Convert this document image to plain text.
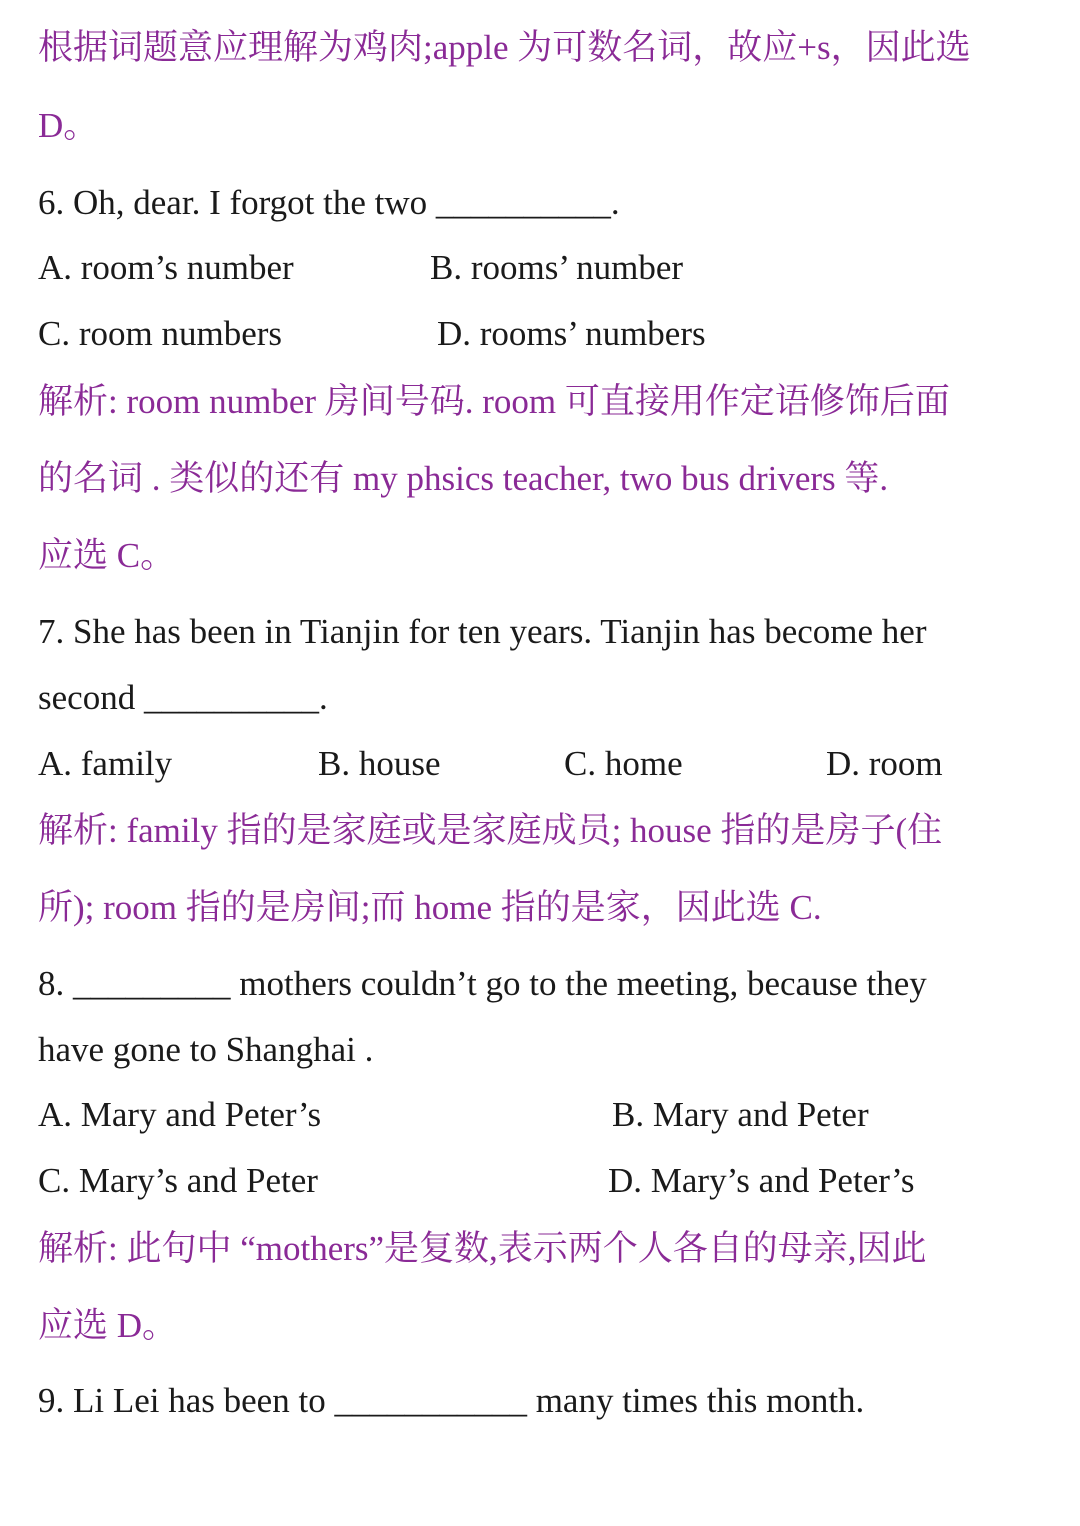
根据词题意应理解为鸡肉;apple 为可数名词，故应+s，因此选
D。
6. Oh, dear. I forgot the two __________.
A. room’s number	B. rooms’ number
C. room numbers	D. rooms’ numbers
解析: room number 房间号码. room 可直接用作定语修饰后面
的名词 . 类似的还有 my phsics teacher, two bus drivers 等.
应选 C。
7. She has been in Tianjin for ten years. Tianjin has become her
second __________.
A. family	B. house	C. home	D. room
解析: family 指的是家庭或是家庭成员; house 指的是房子(住
所); room 指的是房间;而 home 指的是家，因此选 C.
8. _________ mothers couldn’t go to the meeting, because they
have gone to Shanghai .
A. Mary and Peter’s	B. Mary and Peter
C. Mary’s and Peter	D. Mary’s and Peter’s
解析: 此句中 “mothers”是复数,表示两个人各自的母亲,因此
应选 D。
9. Li Lei has been to ___________ many times this month.
